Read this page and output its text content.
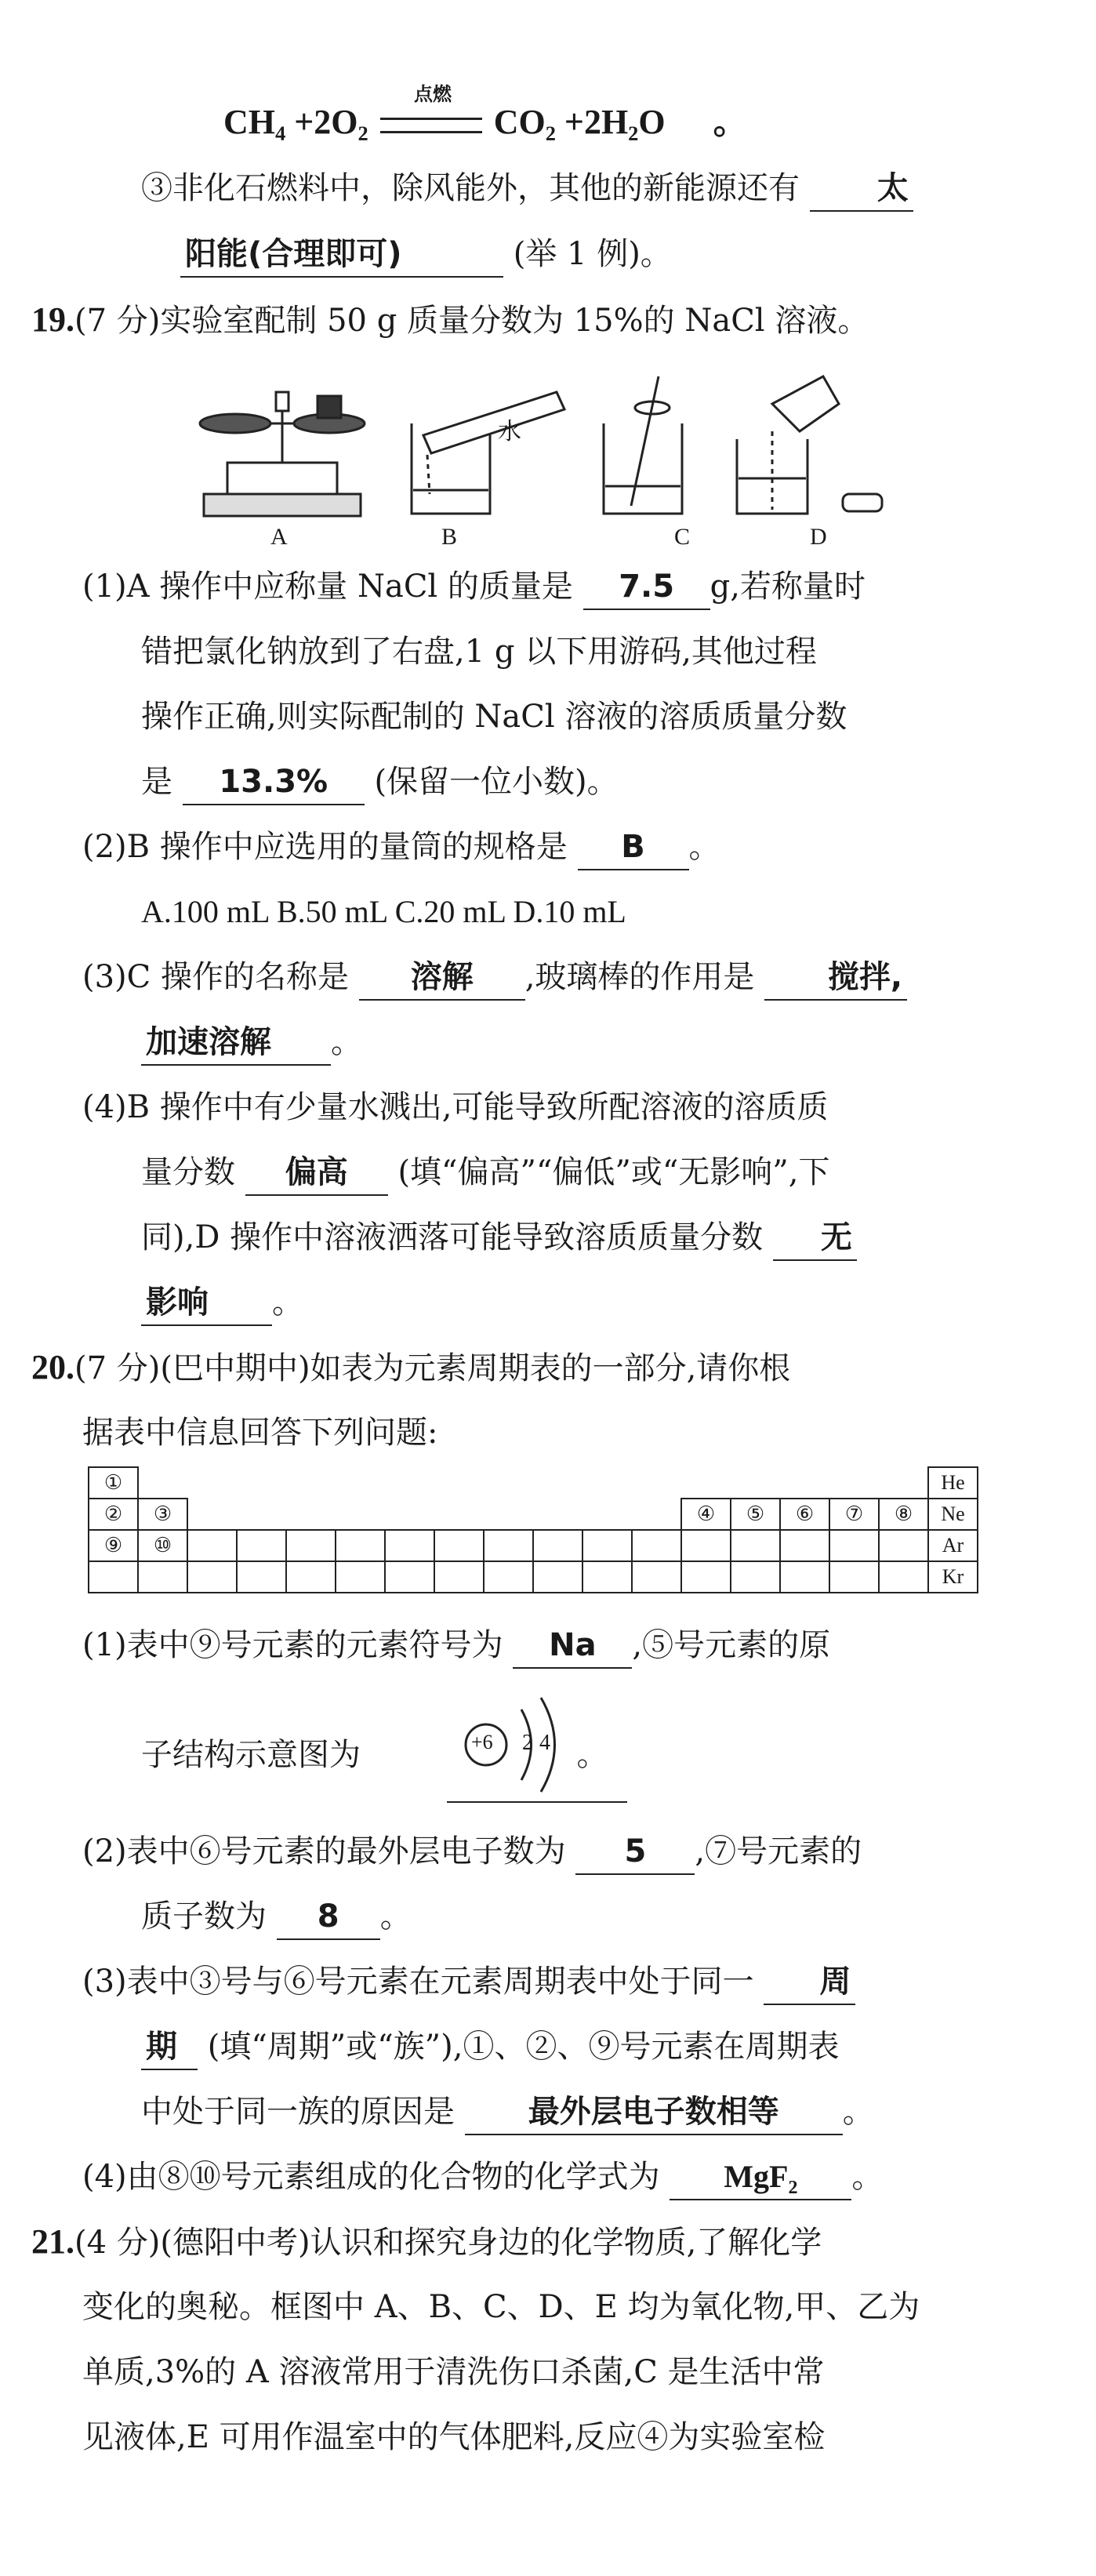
点燃
CH₄ +2O₂	CO₂ +2H₂O 。
③非化石燃料中，除风能外，其他的新能源还有 太
阳能(合理即可)	(举 1 例)。
19.(7 分)实验室配制 50 g 质量分数为 15%的 NaCl 溶液。
水
A	B	C	D
(1)A 操作中应称量 NaCl 的质量是 7.5 g,若称量时
错把氯化钠放到了右盘,1 g 以下用游码,其他过程
操作正确,则实际配制的 NaCl 溶液的溶质质量分数
是 13.3% (保留一位小数)。
(2)B 操作中应选用的量筒的规格是 B 。
A.100 mL B.50 mL C.20 mL D.10 mL
(3)C 操作的名称是 溶解 ,玻璃棒的作用是 搅拌,
加速溶解 。
(4)B 操作中有少量水溅出,可能导致所配溶液的溶质质
量分数 偏高 (填“偏高”“偏低”或“无影响”,下
同),D 操作中溶液洒落可能导致溶质质量分数 无
影响 。
20.(7 分)(巴中期中)如表为元素周期表的一部分,请你根
据表中信息回答下列问题:
①																	He
②	③											④	⑤	⑥	⑦	⑧	Ne
⑨	⑩																Ar
																	Kr
(1)表中⑨号元素的元素符号为 Na ,⑤号元素的原
子结构示意图为	。
+6 2 4
(2)表中⑥号元素的最外层电子数为 5 ,⑦号元素的
质子数为 8 。
(3)表中③号与⑥号元素在元素周期表中处于同一 周
期 (填“周期”或“族”),①、②、⑨号元素在周期表
中处于同一族的原因是 最外层电子数相等 。
(4)由⑧⑩号元素组成的化合物的化学式为 MgF₂ 。
21.(4 分)(德阳中考)认识和探究身边的化学物质,了解化学
变化的奥秘。框图中 A、B、C、D、E 均为氧化物,甲、乙为
单质,3%的 A 溶液常用于清洗伤口杀菌,C 是生活中常
见液体,E 可用作温室中的气体肥料,反应④为实验室检
